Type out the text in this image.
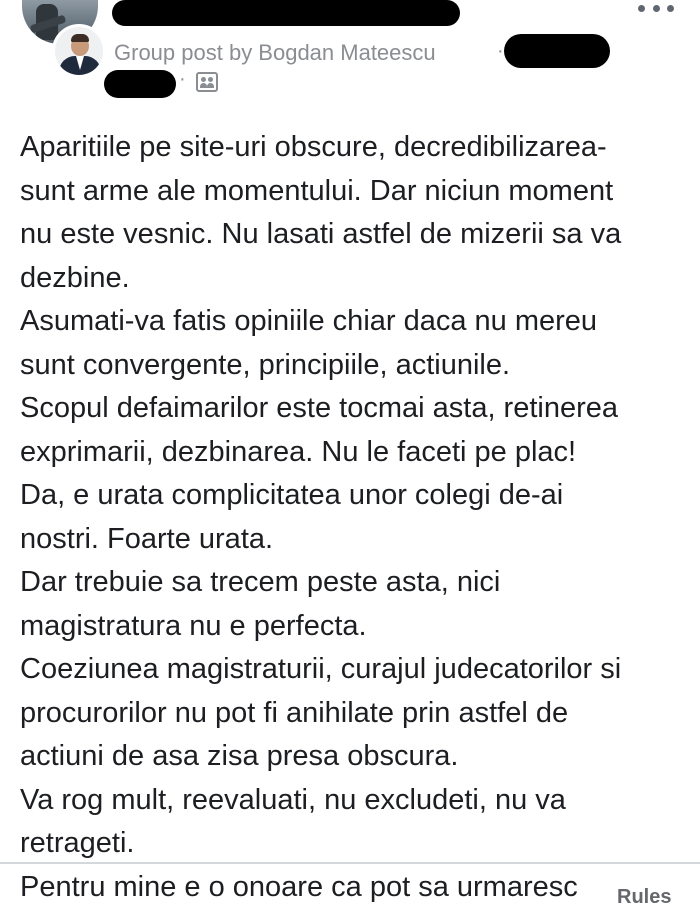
Group post by Bogdan Mateescu	·
·
Aparitiile pe site-uri obscure, decredibilizarea-
sunt arme ale momentului. Dar niciun moment
nu este vesnic. Nu lasati astfel de mizerii sa va
dezbine.
Asumati-va fatis opiniile chiar daca nu mereu
sunt convergente, principiile, actiunile.
Scopul defaimarilor este tocmai asta, retinerea
exprimarii, dezbinarea. Nu le faceti pe plac!
Da, e urata complicitatea unor colegi de-ai
nostri. Foarte urata.
Dar trebuie sa trecem peste asta, nici
magistratura nu e perfecta.
Coeziunea magistraturii, curajul judecatorilor si
procurorilor nu pot fi anihilate prin astfel de
actiuni de asa zisa presa obscura.
Va rog mult, reevaluati, nu excludeti, nu va
retrageti.
Pentru mine e o onoare ca pot sa urmaresc	Rules
